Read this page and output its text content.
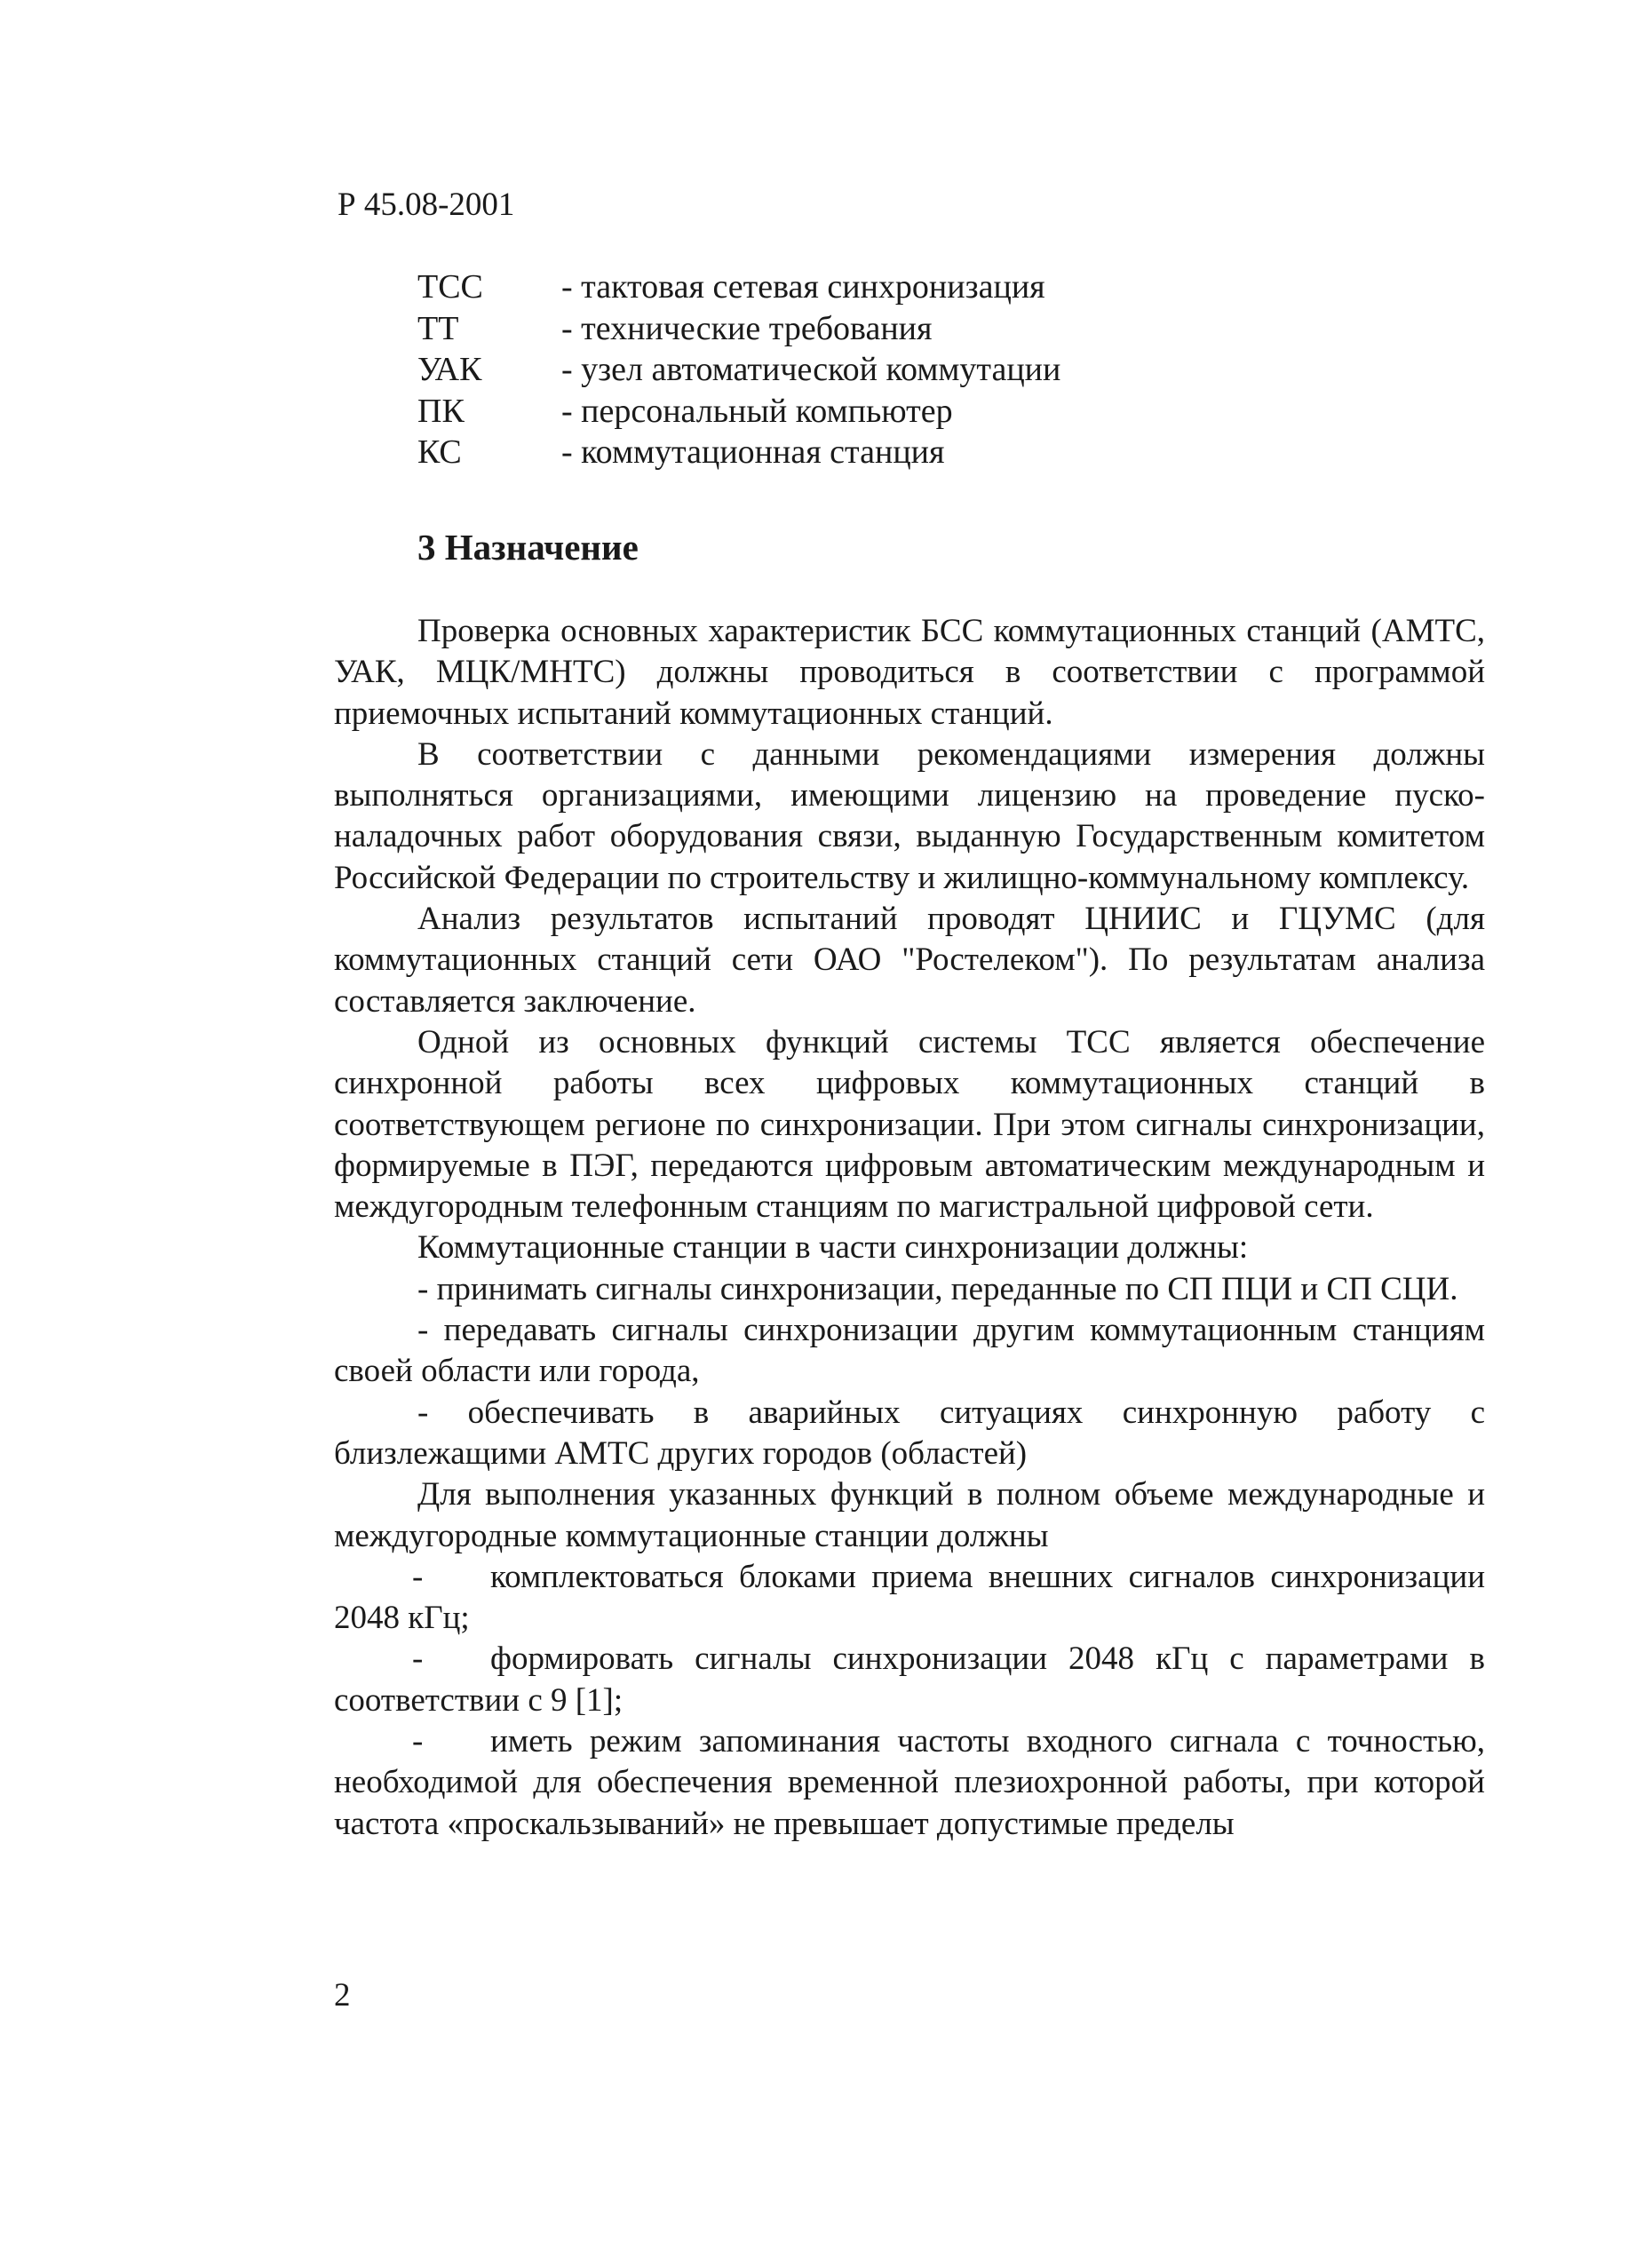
Р 45.08-2001
ТСС	- тактовая сетевая синхронизация
ТТ	- технические требования
УАК	- узел автоматической коммутации
ПК	- персональный компьютер
КС	- коммутационная станция
3 Назначение

Проверка основных характеристик БСС коммутационных станций (АМТС, УАК, МЦК/МНТС) должны проводиться в соответствии с программой приемочных испытаний коммутационных станций.

В соответствии с данными рекомендациями измерения должны выполняться организациями, имеющими лицензию на проведение пуско-наладочных работ оборудования связи, выданную Государственным комитетом Российской Федерации по строительству и жилищно-коммунальному комплексу.

Анализ результатов испытаний проводят ЦНИИС и ГЦУМС (для коммутационных станций сети ОАО "Ростелеком"). По результатам анализа составляется заключение.

Одной из основных функций системы ТСС является обеспечение синхронной работы всех цифровых коммутационных станций в соответствующем регионе по синхронизации. При этом сигналы синхронизации, формируемые в ПЭГ, передаются цифровым автоматическим международным и междугородным телефонным станциям по магистральной цифровой сети.

Коммутационные станции в части синхронизации должны:

- принимать сигналы синхронизации, переданные по СП ПЦИ и СП СЦИ.

- передавать сигналы синхронизации другим коммутационным станциям своей области или города,

- обеспечивать в аварийных ситуациях синхронную работу с близлежащими АМТС других городов (областей)

Для выполнения указанных функций в полном объеме международные и междугородные коммутационные станции должны

- комплектоваться блоками приема внешних сигналов синхронизации 2048 кГц;

- формировать сигналы синхронизации 2048 кГц с параметрами в соответствии с 9 [1];

- иметь режим запоминания частоты входного сигнала с точностью, необходимой для обеспечения временной плезиохронной работы, при которой частота «проскальзываний» не превышает допустимые пределы

2
